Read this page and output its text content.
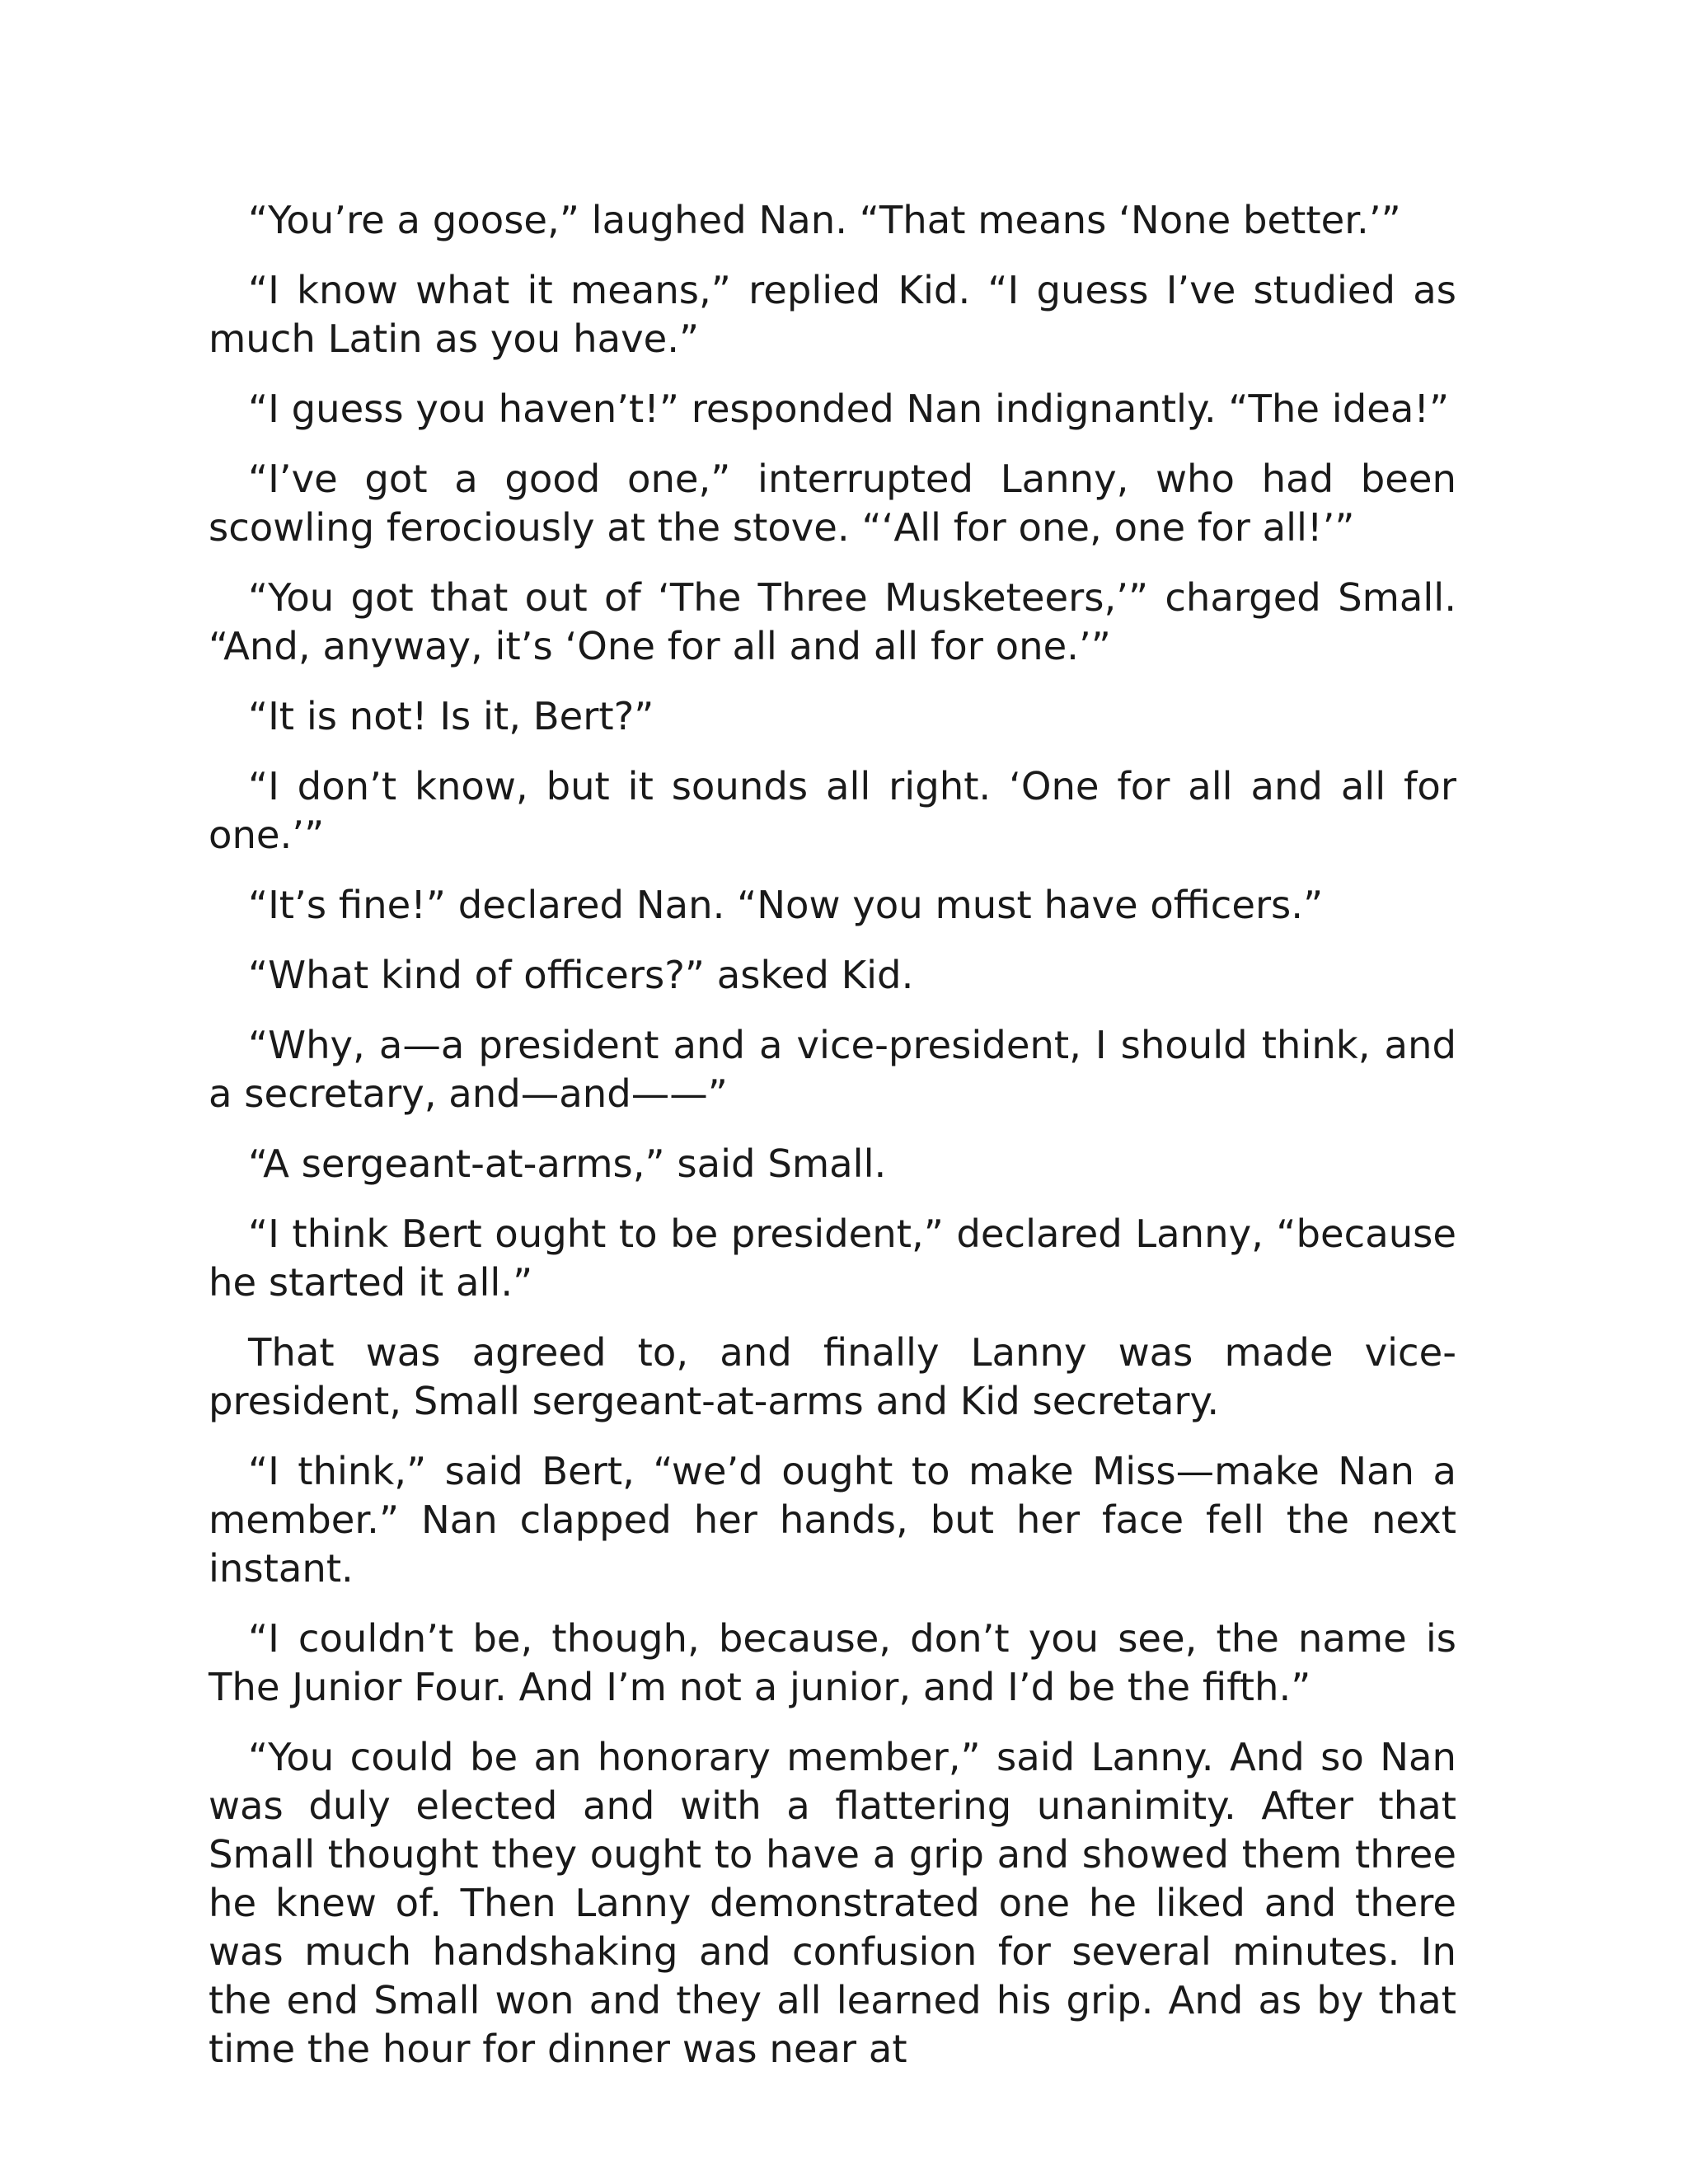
“You’re a goose,” laughed Nan. “That means ‘None better.’”

“I know what it means,” replied Kid. “I guess I’ve studied as much Latin as you have.”

“I guess you haven’t!” responded Nan indignantly. “The idea!”

“I’ve got a good one,” interrupted Lanny, who had been scowling ferociously at the stove. “‘All for one, one for all!’”

“You got that out of ‘The Three Musketeers,’” charged Small. “And, anyway, it’s ‘One for all and all for one.’”

“It is not! Is it, Bert?”

“I don’t know, but it sounds all right. ‘One for all and all for one.’”

“It’s fine!” declared Nan. “Now you must have officers.”

“What kind of officers?” asked Kid.

“Why, a—a president and a vice-president, I should think, and a secretary, and—and——”

“A sergeant-at-arms,” said Small.

“I think Bert ought to be president,” declared Lanny, “because he started it all.”

That was agreed to, and finally Lanny was made vice-president, Small sergeant-at-arms and Kid secretary.

“I think,” said Bert, “we’d ought to make Miss—make Nan a member.” Nan clapped her hands, but her face fell the next instant.

“I couldn’t be, though, because, don’t you see, the name is The Junior Four. And I’m not a junior, and I’d be the fifth.”

“You could be an honorary member,” said Lanny. And so Nan was duly elected and with a flattering unanimity. After that Small thought they ought to have a grip and showed them three he knew of. Then Lanny demonstrated one he liked and there was much handshaking and confusion for several minutes. In the end Small won and they all learned his grip. And as by that time the hour for dinner was near at
